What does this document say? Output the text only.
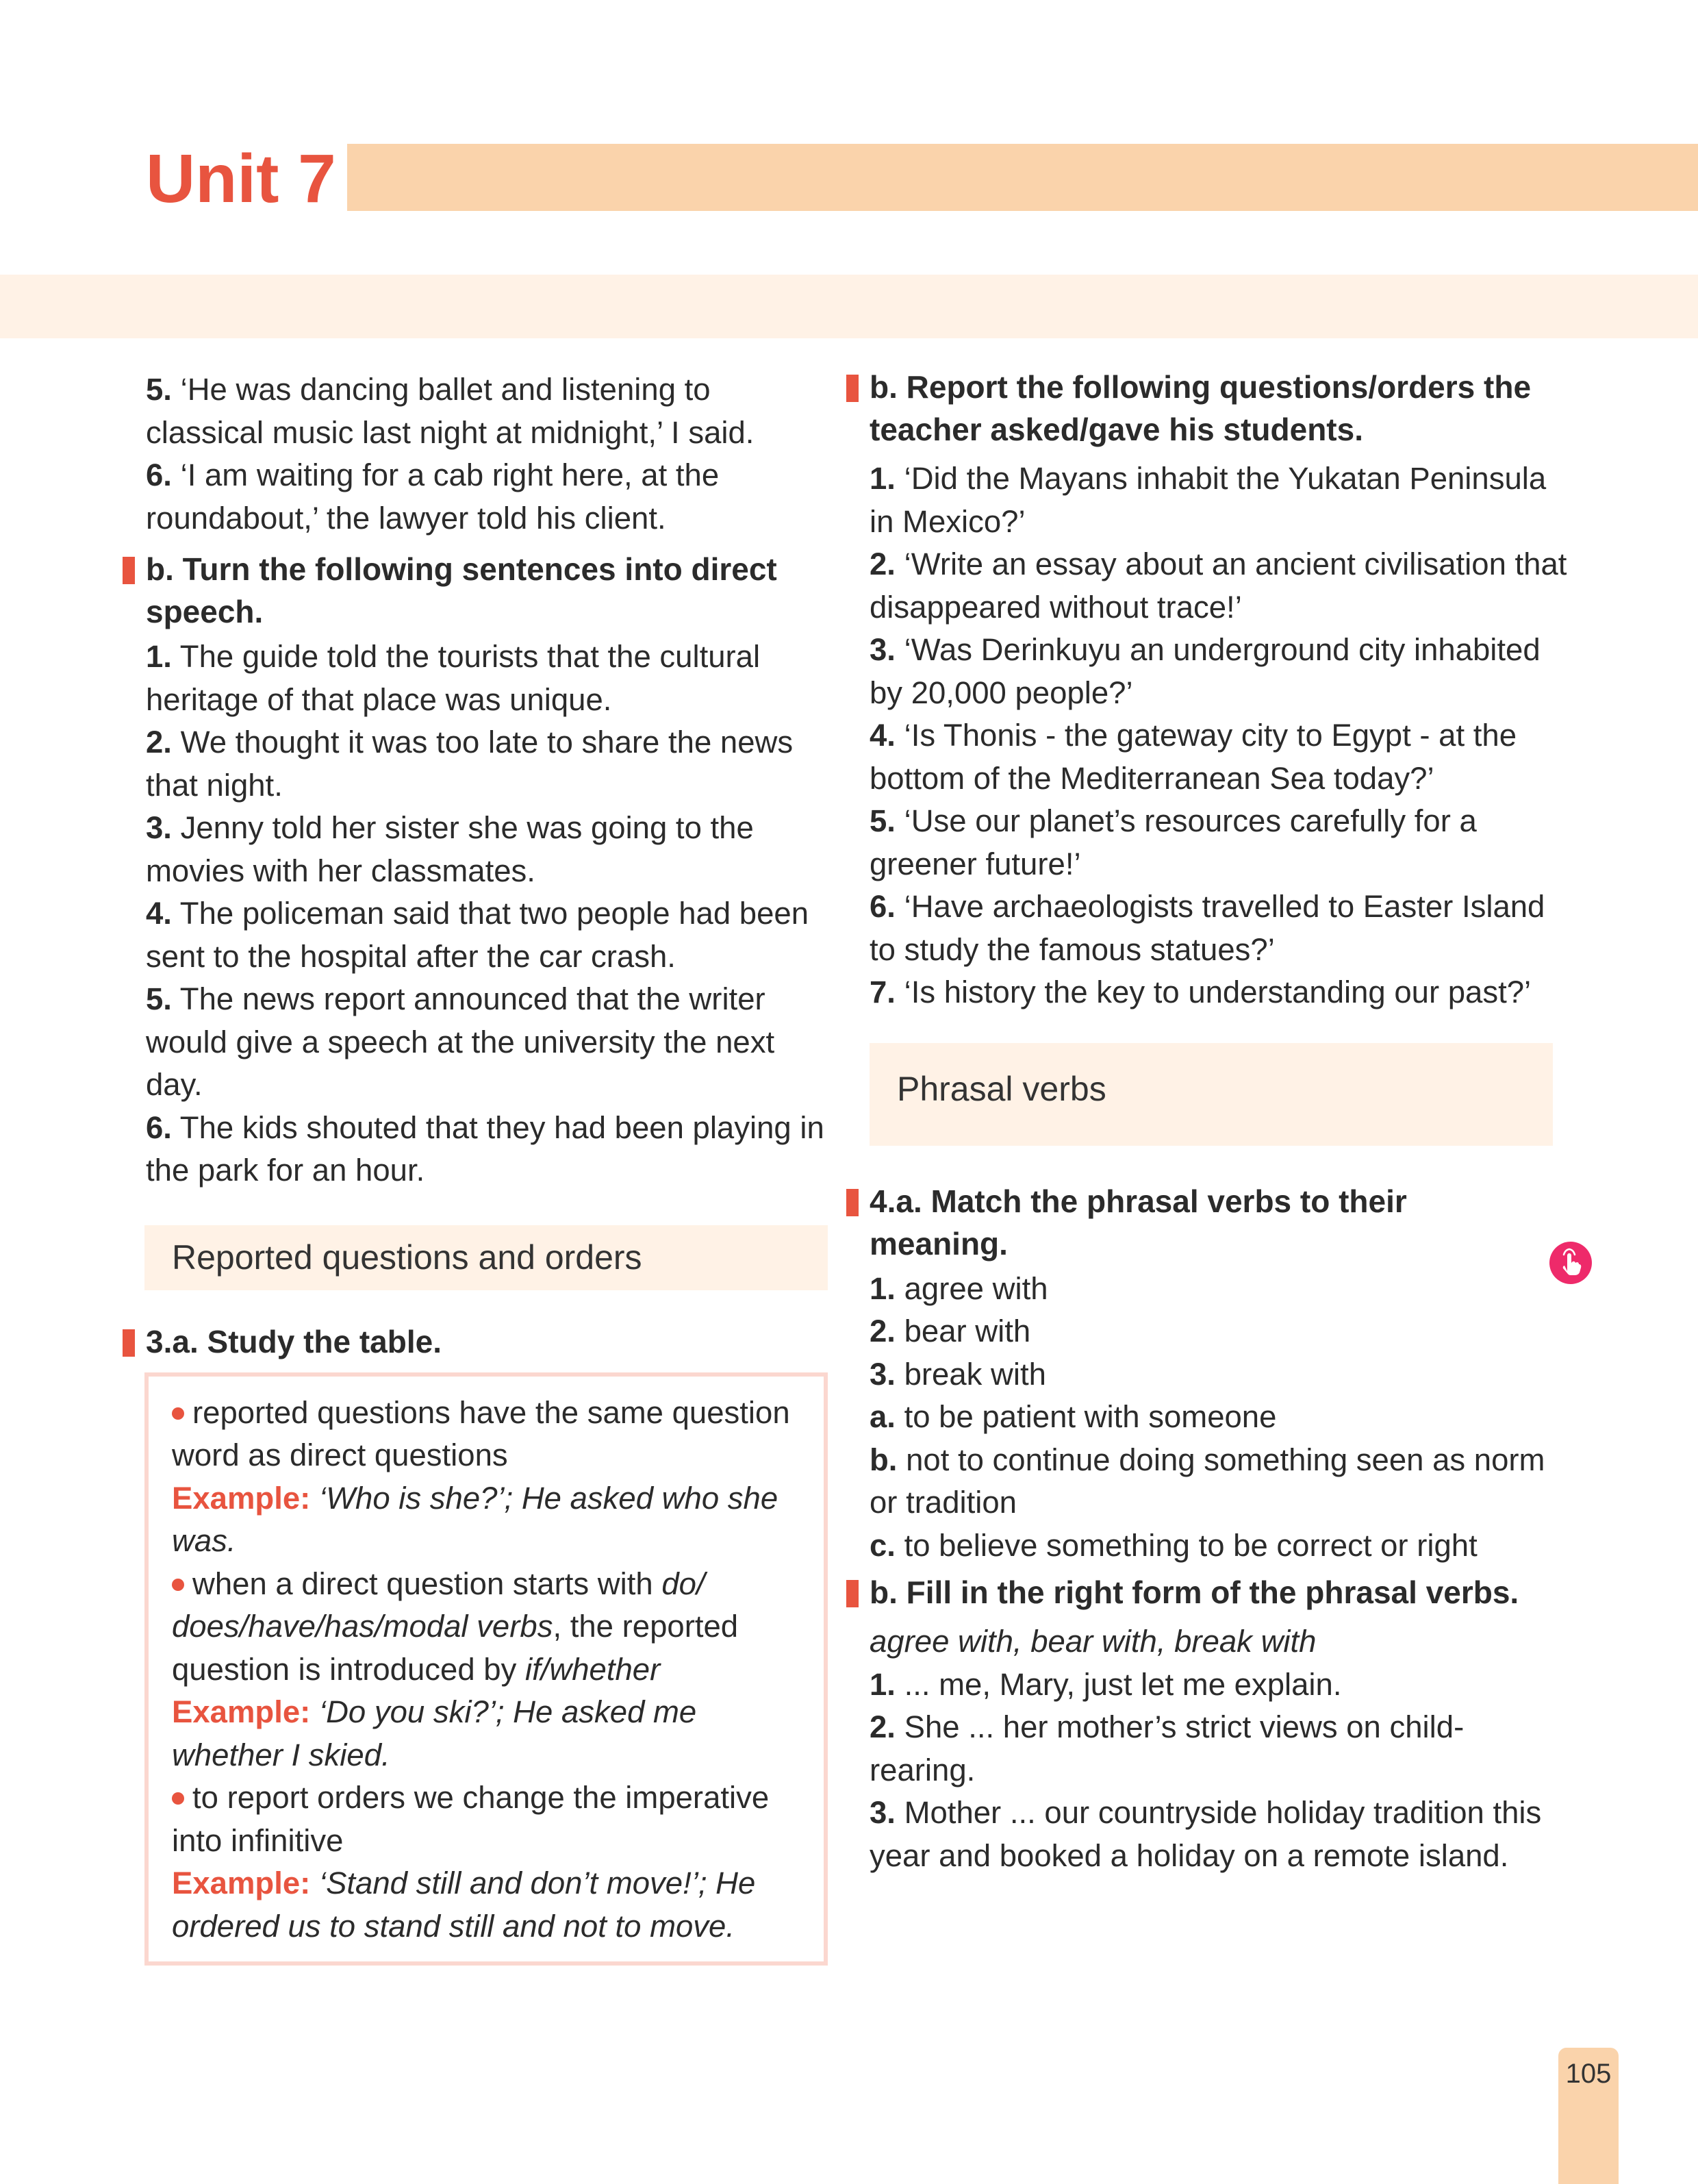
Unit 7

5. ‘He was dancing ballet and listening to classical music last night at midnight,’ I said.

6. ‘I am waiting for a cab right here, at the roundabout,’ the lawyer told his client.

b. Turn the following sentences into direct speech.

1. The guide told the tourists that the cultural heritage of that place was unique.

2. We thought it was too late to share the news that night.

3. Jenny told her sister she was going to the movies with her classmates.

4. The policeman said that two people had been sent to the hospital after the car crash.

5. The news report announced that the writer would give a speech at the university the next day.

6. The kids shouted that they had been playing in the park for an hour.

Reported questions and orders
3.a. Study the table.

reported questions have the same question word as direct questions

Example: ‘Who is she?’; He asked who she was.

when a direct question starts with do/ does/have/has/modal verbs, the reported question is introduced by if/whether

Example: ‘Do you ski?’; He asked me whether I skied.

to report orders we change the imperative into infinitive

Example: ‘Stand still and don’t move!’; He ordered us to stand still and not to move.

b. Report the following questions/orders the teacher asked/gave his students.

1. ‘Did the Mayans inhabit the Yukatan Peninsula in Mexico?’

2. ‘Write an essay about an ancient civilisation that disappeared without trace!’

3. ‘Was Derinkuyu an underground city inhabited by 20,000 people?’

4. ‘Is Thonis - the gateway city to Egypt - at the bottom of the Mediterranean Sea today?’

5. ‘Use our planet’s resources carefully for a greener future!’

6. ‘Have archaeologists travelled to Easter Island to study the famous statues?’

7. ‘Is history the key to understanding our past?’

Phrasal verbs
4.a. Match the phrasal verbs to their meaning.

1. agree with

2. bear with

3. break with

a. to be patient with someone

b. not to continue doing something seen as norm or tradition

c. to believe something to be correct or right

b. Fill in the right form of the phrasal verbs.

agree with, bear with, break with

1. ... me, Mary, just let me explain.

2. She ... her mother’s strict views on child-rearing.

3. Mother ... our countryside holiday tradition this year and booked a holiday on a remote island.

105
